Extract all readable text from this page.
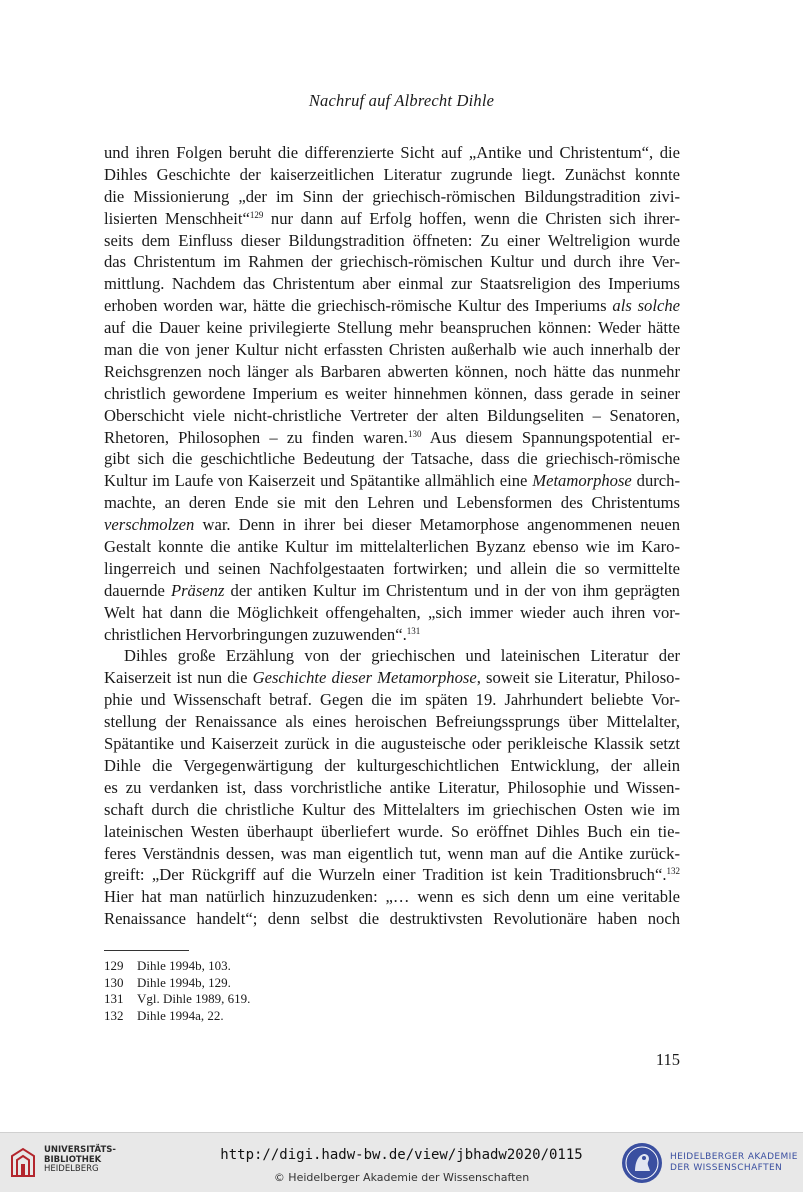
Nachruf auf Albrecht Dihle
und ihren Folgen beruht die differenzierte Sicht auf „Antike und Christentum“, die
Dihles Geschichte der kaiserzeitlichen Literatur zugrunde liegt. Zunächst konnte
die Missionierung „der im Sinn der griechisch-römischen Bildungstradition zivi-
lisierten Menschheit“$^{129}$ nur dann auf Erfolg hoffen, wenn die Christen sich ihrer-
seits dem Einfluss dieser Bildungstradition öffneten: Zu einer Weltreligion wurde
das Christentum im Rahmen der griechisch-römischen Kultur und durch ihre Ver-
mittlung. Nachdem das Christentum aber einmal zur Staatsreligion des Imperiums
erhoben worden war, hätte die griechisch-römische Kultur des Imperiums als solche
auf die Dauer keine privilegierte Stellung mehr beanspruchen können: Weder hätte
man die von jener Kultur nicht erfassten Christen außerhalb wie auch innerhalb der
Reichsgrenzen noch länger als Barbaren abwerten können, noch hätte das nunmehr
christlich gewordene Imperium es weiter hinnehmen können, dass gerade in seiner
Oberschicht viele nicht-christliche Vertreter der alten Bildungseliten – Senatoren,
Rhetoren, Philosophen – zu finden waren.$^{130}$ Aus diesem Spannungspotential er-
gibt sich die geschichtliche Bedeutung der Tatsache, dass die griechisch-römische
Kultur im Laufe von Kaiserzeit und Spätantike allmählich eine Metamorphose durch-
machte, an deren Ende sie mit den Lehren und Lebensformen des Christentums
verschmolzen war. Denn in ihrer bei dieser Metamorphose angenommenen neuen
Gestalt konnte die antike Kultur im mittelalterlichen Byzanz ebenso wie im Karo-
lingerreich und seinen Nachfolgestaaten fortwirken; und allein die so vermittelte
dauernde Präsenz der antiken Kultur im Christentum und in der von ihm geprägten
Welt hat dann die Möglichkeit offengehalten, „sich immer wieder auch ihren vor-
christlichen Hervorbringungen zuzuwenden“.$^{131}$
Dihles große Erzählung von der griechischen und lateinischen Literatur der
Kaiserzeit ist nun die Geschichte dieser Metamorphose, soweit sie Literatur, Philoso-
phie und Wissenschaft betraf. Gegen die im späten 19. Jahrhundert beliebte Vor-
stellung der Renaissance als eines heroischen Befreiungssprungs über Mittelalter,
Spätantike und Kaiserzeit zurück in die augusteische oder perikleische Klassik setzt
Dihle die Vergegenwärtigung der kulturgeschichtlichen Entwicklung, der allein
es zu verdanken ist, dass vorchristliche antike Literatur, Philosophie und Wissen-
schaft durch die christliche Kultur des Mittelalters im griechischen Osten wie im
lateinischen Westen überhaupt überliefert wurde. So eröffnet Dihles Buch ein tie-
feres Verständnis dessen, was man eigentlich tut, wenn man auf die Antike zurück-
greift: „Der Rückgriff auf die Wurzeln einer Tradition ist kein Traditionsbruch“.$^{132}$
Hier hat man natürlich hinzuzudenken: „… wenn es sich denn um eine veritable
Renaissance handelt“; denn selbst die destruktivsten Revolutionäre haben noch
129	Dihle 1994b, 103.
130	Dihle 1994b, 129.
131	Vgl. Dihle 1989, 619.
132	Dihle 1994a, 22.
115
UNIVERSITÄTS-
BIBLIOTHEK
HEIDELBERG
http://digi.hadw-bw.de/view/jbhadw2020/0115
© Heidelberger Akademie der Wissenschaften
HEIDELBERGER AKADEMIE
DER WISSENSCHAFTEN
